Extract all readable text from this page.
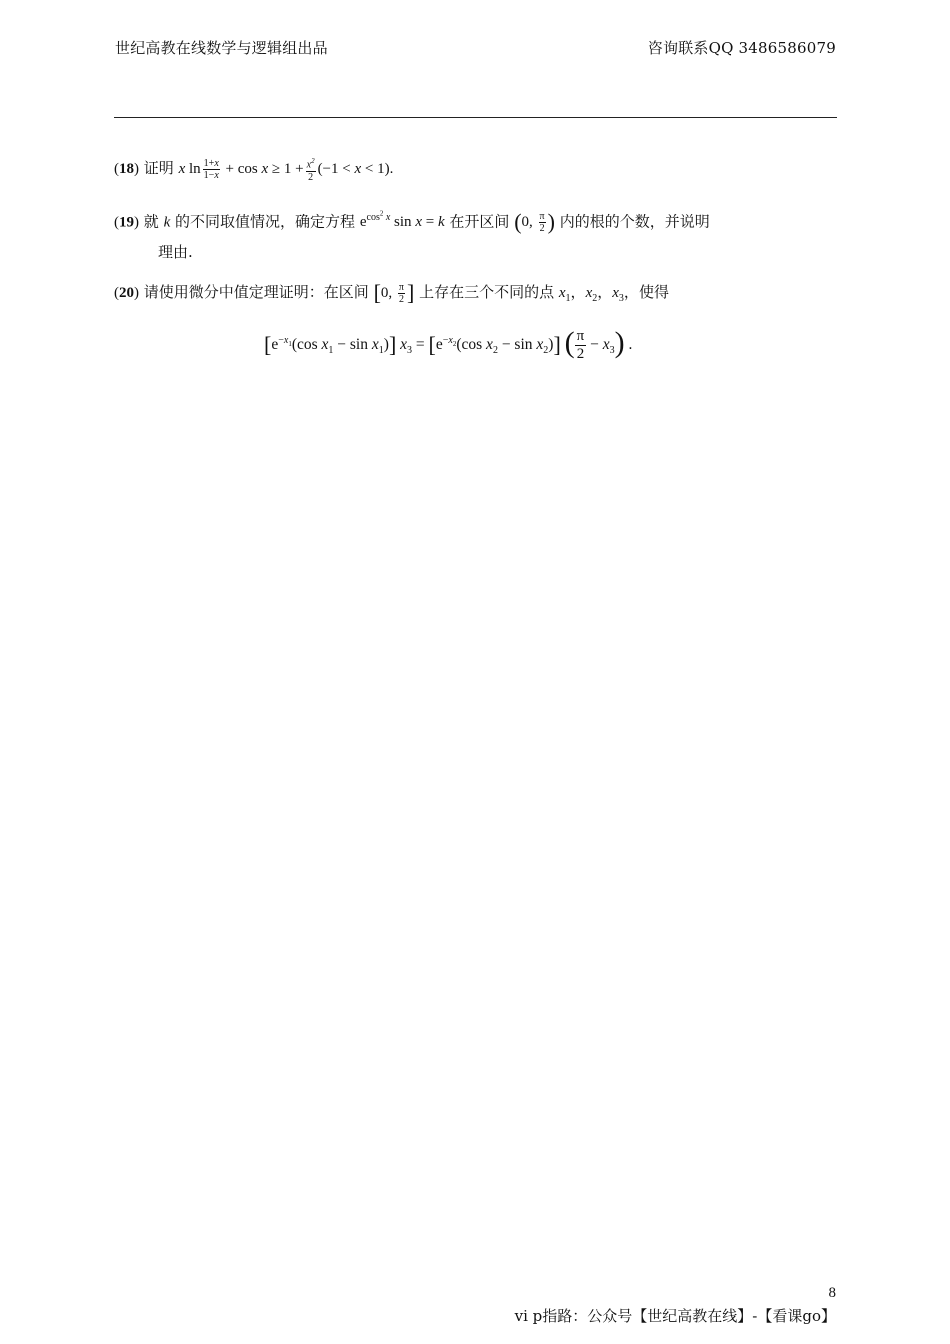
世纪高教在线数学与逻辑组出品	咨询联系QQ 3486586079
(18) 证明 x $\ln \frac{1+x}{1-x} + \cos x \ge 1 + \frac{x^2}{2} (-1 < x < 1)$.
(19) 就 k 的不同取值情况，确定方程 $e^{cos^2 x}$ sin x = k 在开区间 (0, $\frac{\pi}{2}$ ) 内的根的个数，并说明
理由.
(20) 请使用微分中值定理证明：在区间 [0, $\frac{\pi}{2}$ ] 上存在三个不同的点 $x_1$，$x_2$，$x_3$，使得
[$e^{-x_1}(\cos$ $x_1 - \sin x_1$)] $x_3 = [e^{-x_2}(\cos$ $x_2 - \sin x_2$)] ( $\frac{\pi}{2} - x_3$) .
8
vi p指路：公众号【世纪高教在线】-【看课go】
